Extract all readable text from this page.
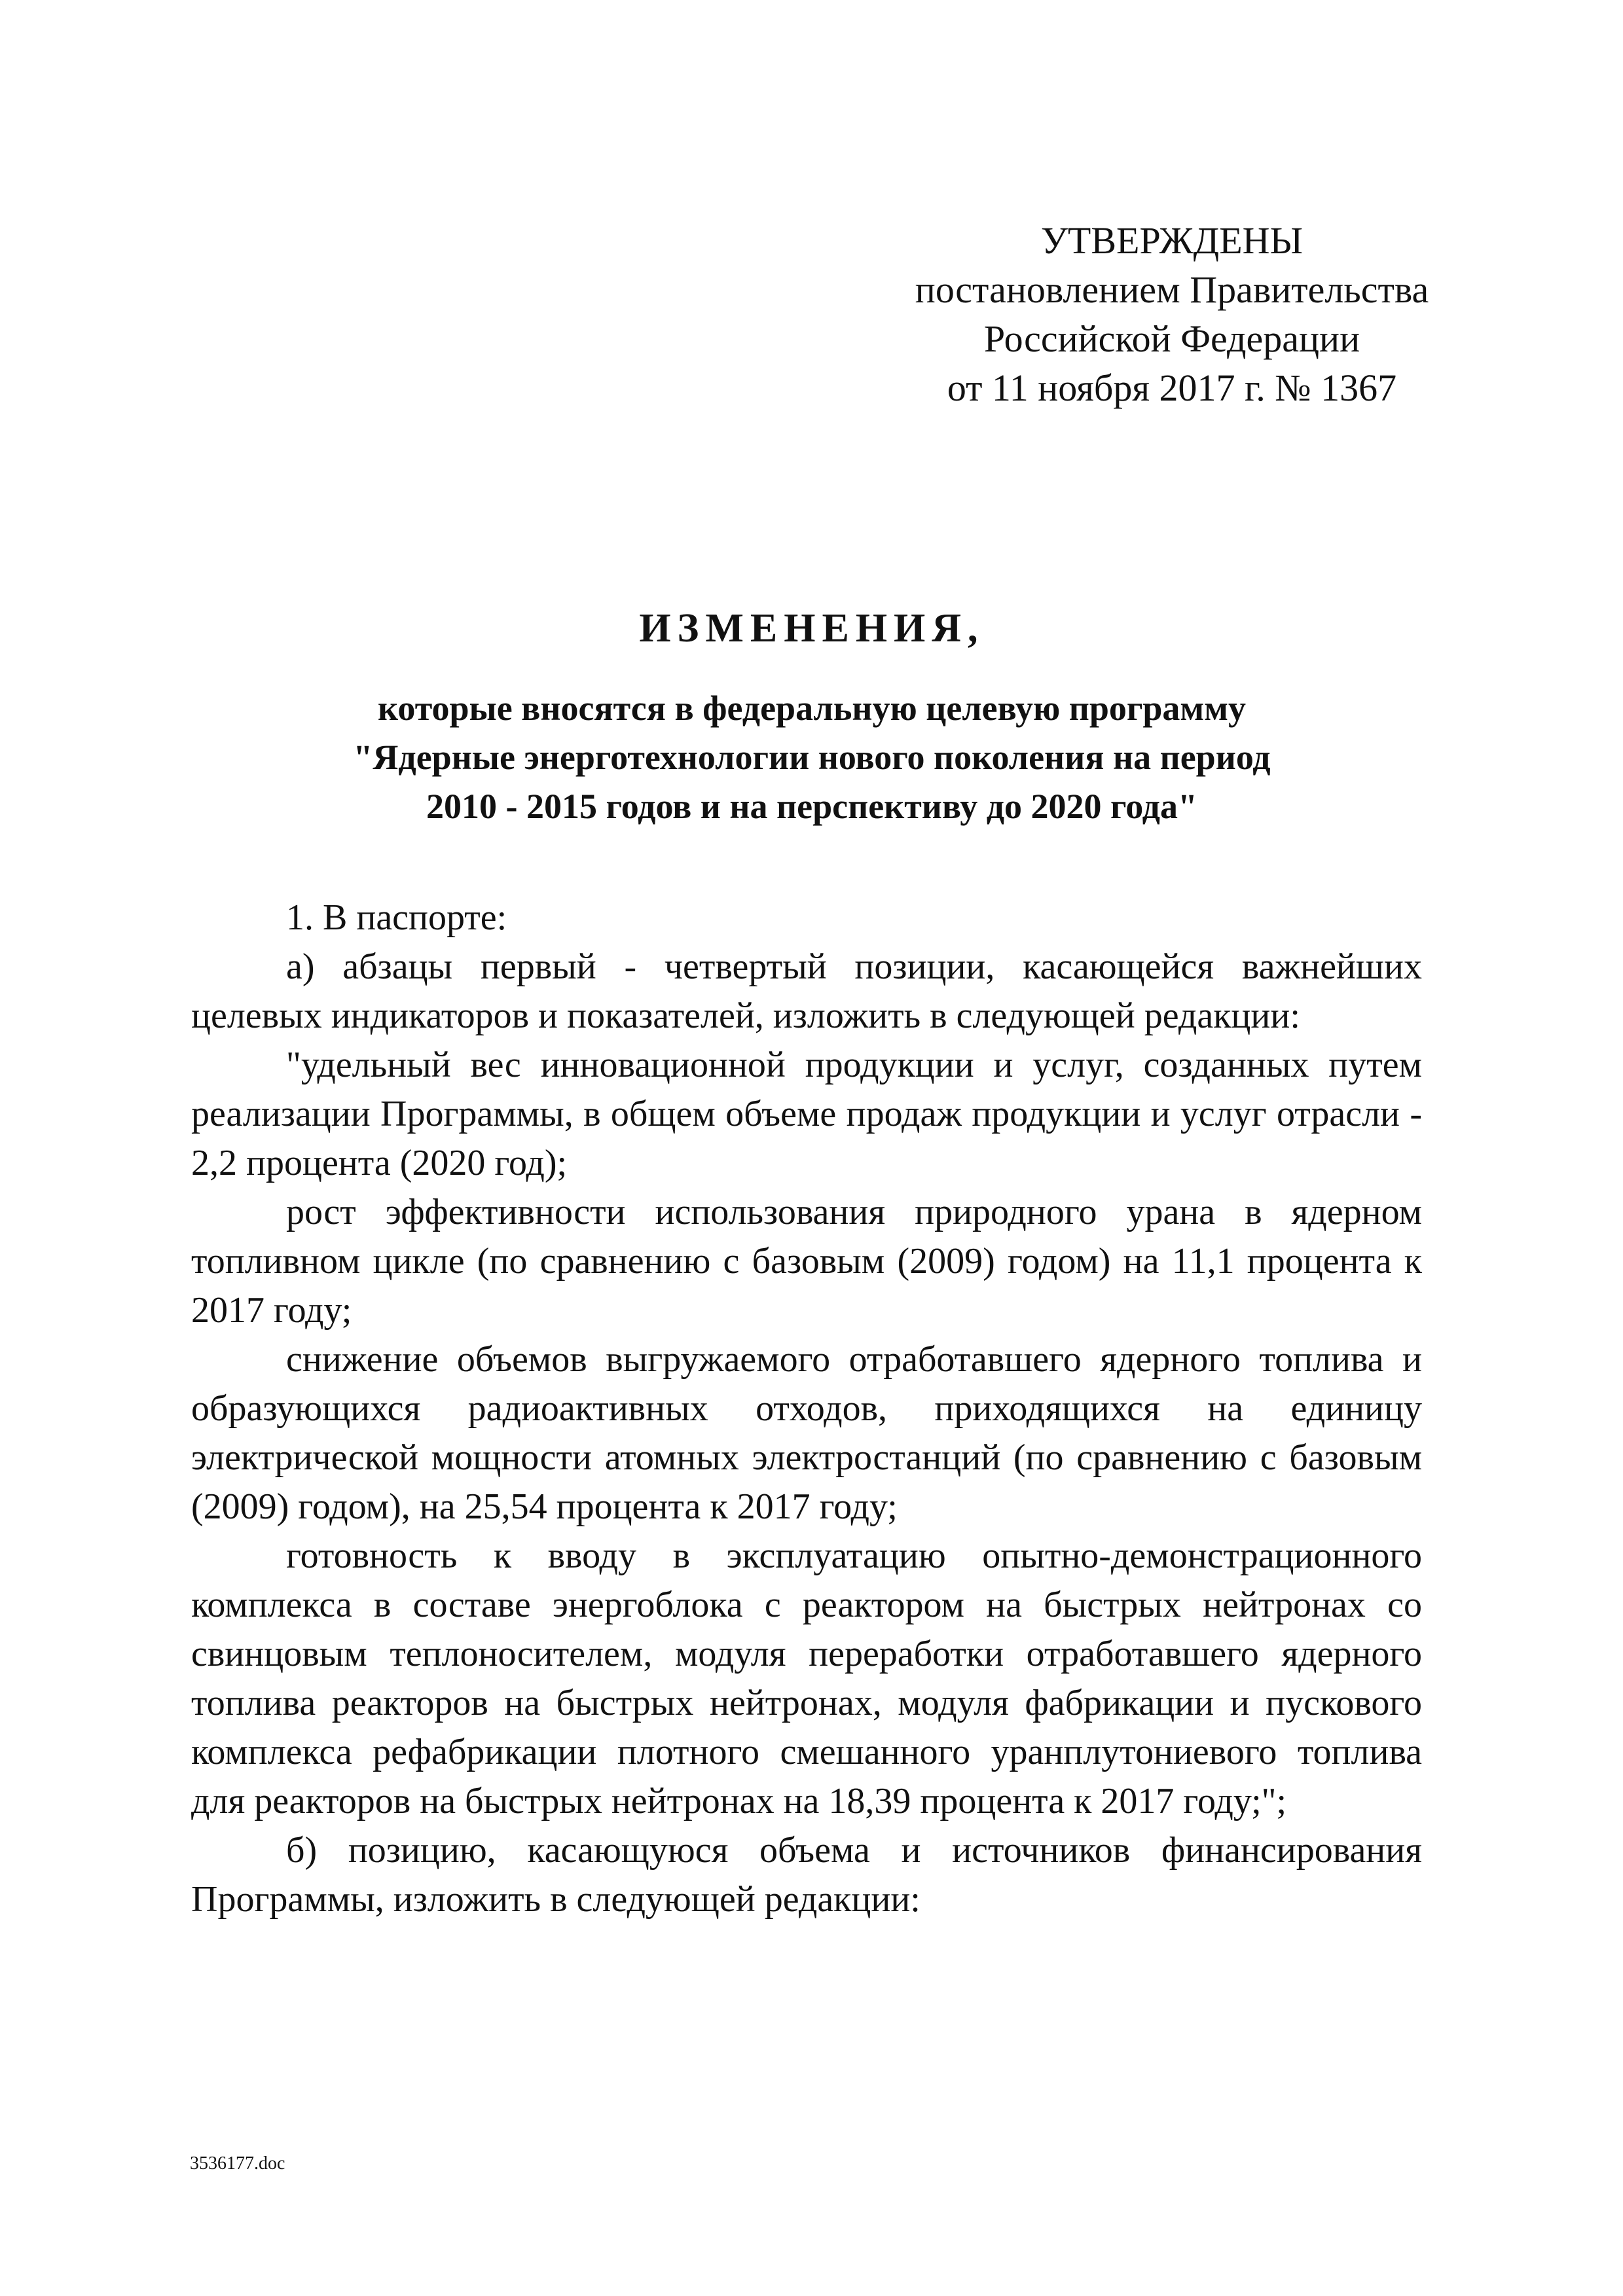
УТВЕРЖДЕНЫ
постановлением Правительства
Российской Федерации
от 11 ноября 2017 г. № 1367
ИЗМЕНЕНИЯ,
которые вносятся в федеральную целевую программу
"Ядерные энерготехнологии нового поколения на период
2010 - 2015 годов и на перспективу до 2020 года"

1. В паспорте:

а) абзацы первый - четвертый позиции, касающейся важнейших целевых индикаторов и показателей, изложить в следующей редакции:

"удельный вес инновационной продукции и услуг, созданных путем реализации Программы, в общем объеме продаж продукции и услуг отрасли - 2,2 процента (2020 год);

рост эффективности использования природного урана в ядерном топливном цикле (по сравнению с базовым (2009) годом) на 11,1 процента к 2017 году;

снижение объемов выгружаемого отработавшего ядерного топлива и образующихся радиоактивных отходов, приходящихся на единицу электрической мощности атомных электростанций (по сравнению с базовым (2009) годом), на 25,54 процента к 2017 году;

готовность к вводу в эксплуатацию опытно-демонстрационного комплекса в составе энергоблока с реактором на быстрых нейтронах со свинцовым теплоносителем, модуля переработки отработавшего ядерного топлива реакторов на быстрых нейтронах, модуля фабрикации и пускового комплекса рефабрикации плотного смешанного уранплутониевого топлива для реакторов на быстрых нейтронах на 18,39 процента к 2017 году;";

б) позицию, касающуюся объема и источников финансирования Программы, изложить в следующей редакции:

3536177.doc
